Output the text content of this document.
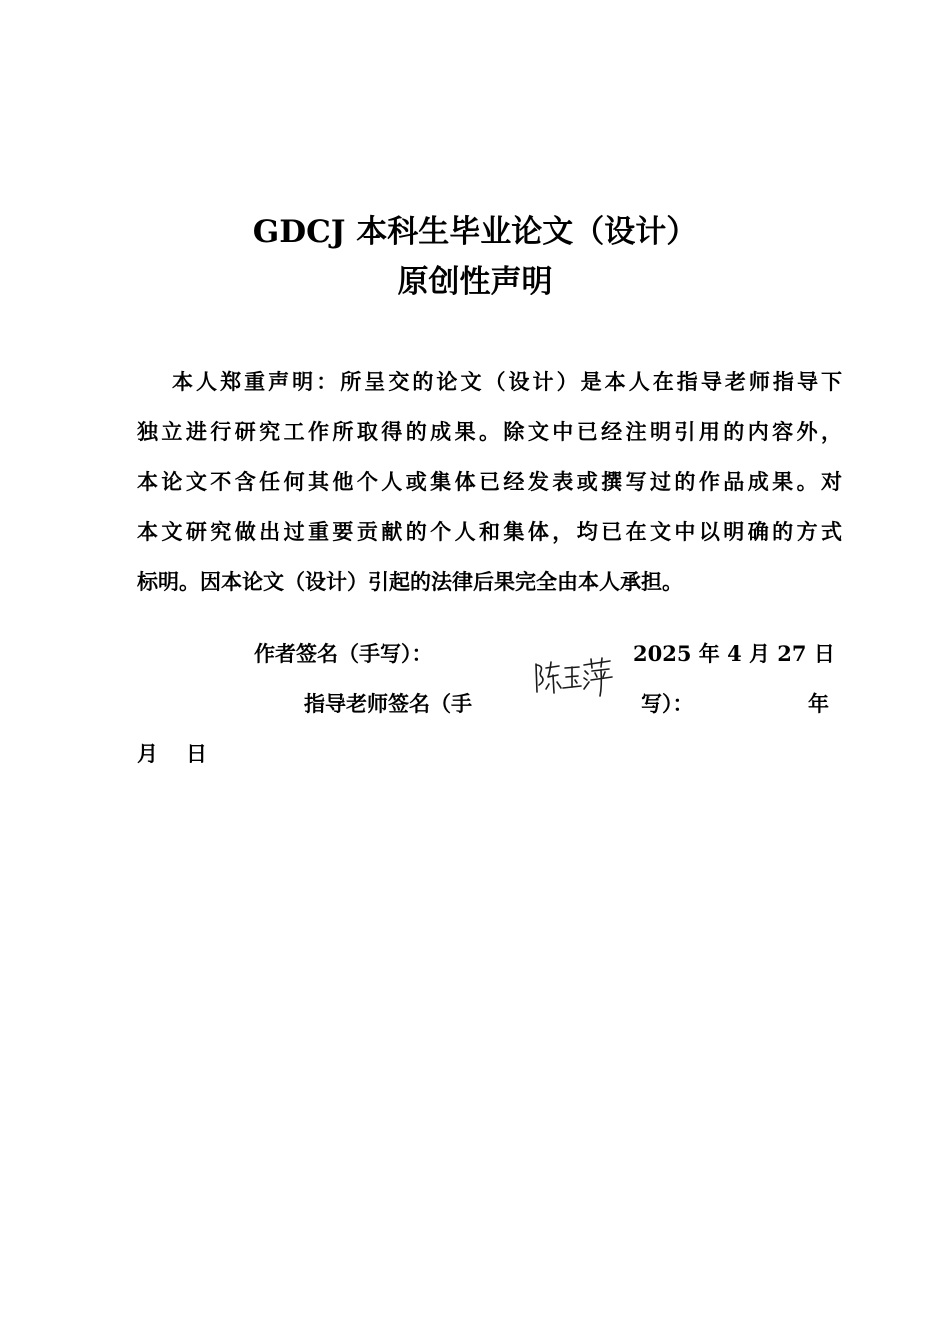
GDCJ 本科生毕业论文（设计）
原创性声明
本人郑重声明：所呈交的论文（设计）是本人在指导老师指导下
独立进行研究工作所取得的成果。除文中已经注明引用的内容外，
本论文不含任何其他个人或集体已经发表或撰写过的作品成果。对
本文研究做出过重要贡献的个人和集体，均已在文中以明确的方式
标明。因本论文（设计）引起的法律后果完全由本人承担。
作者签名（手写）：	2025 年 4 月 27 日
指导老师签名（手	写）：	年
月 日
